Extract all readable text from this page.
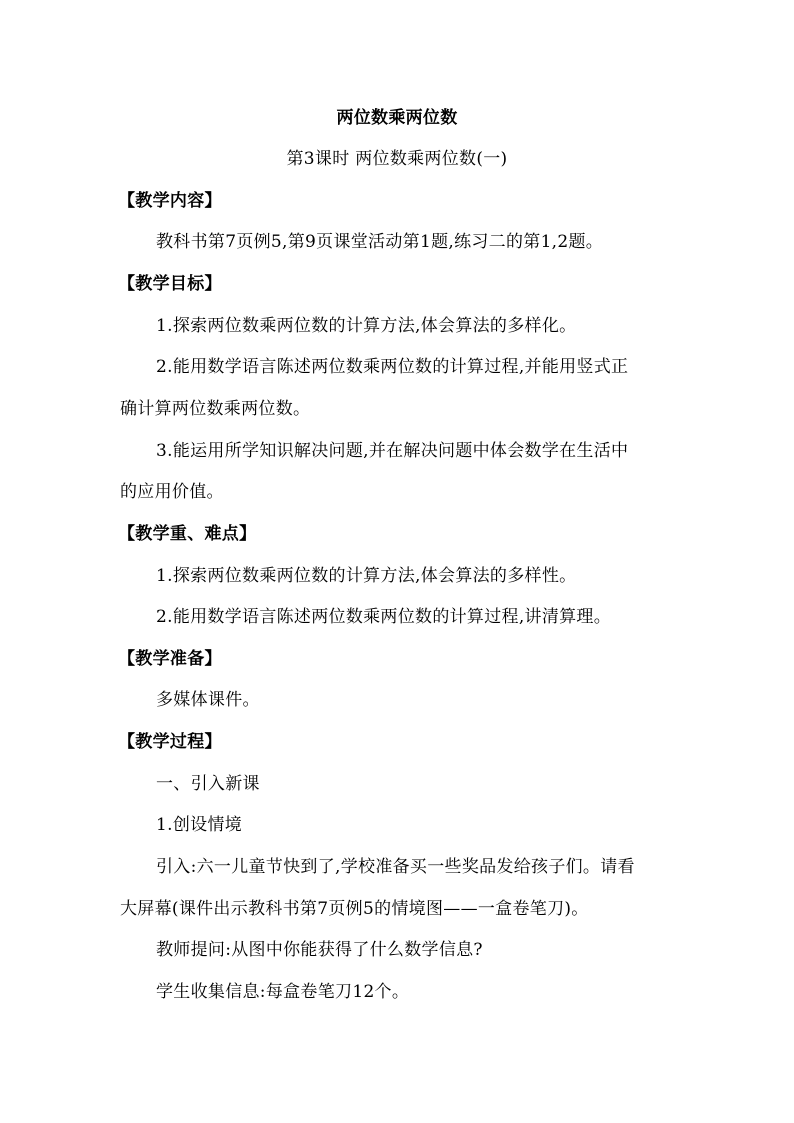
两位数乘两位数
第3课时 两位数乘两位数(一)
【教学内容】
教科书第7页例5,第9页课堂活动第1题,练习二的第1,2题。
【教学目标】
1.探索两位数乘两位数的计算方法,体会算法的多样化。
2.能用数学语言陈述两位数乘两位数的计算过程,并能用竖式正
确计算两位数乘两位数。
3.能运用所学知识解决问题,并在解决问题中体会数学在生活中
的应用价值。
【教学重、难点】
1.探索两位数乘两位数的计算方法,体会算法的多样性。
2.能用数学语言陈述两位数乘两位数的计算过程,讲清算理。
【教学准备】
多媒体课件。
【教学过程】
一、引入新课
1.创设情境
引入:六一儿童节快到了,学校准备买一些奖品发给孩子们。请看
大屏幕(课件出示教科书第7页例5的情境图——一盒卷笔刀)。
教师提问:从图中你能获得了什么数学信息?
学生收集信息:每盒卷笔刀12个。
